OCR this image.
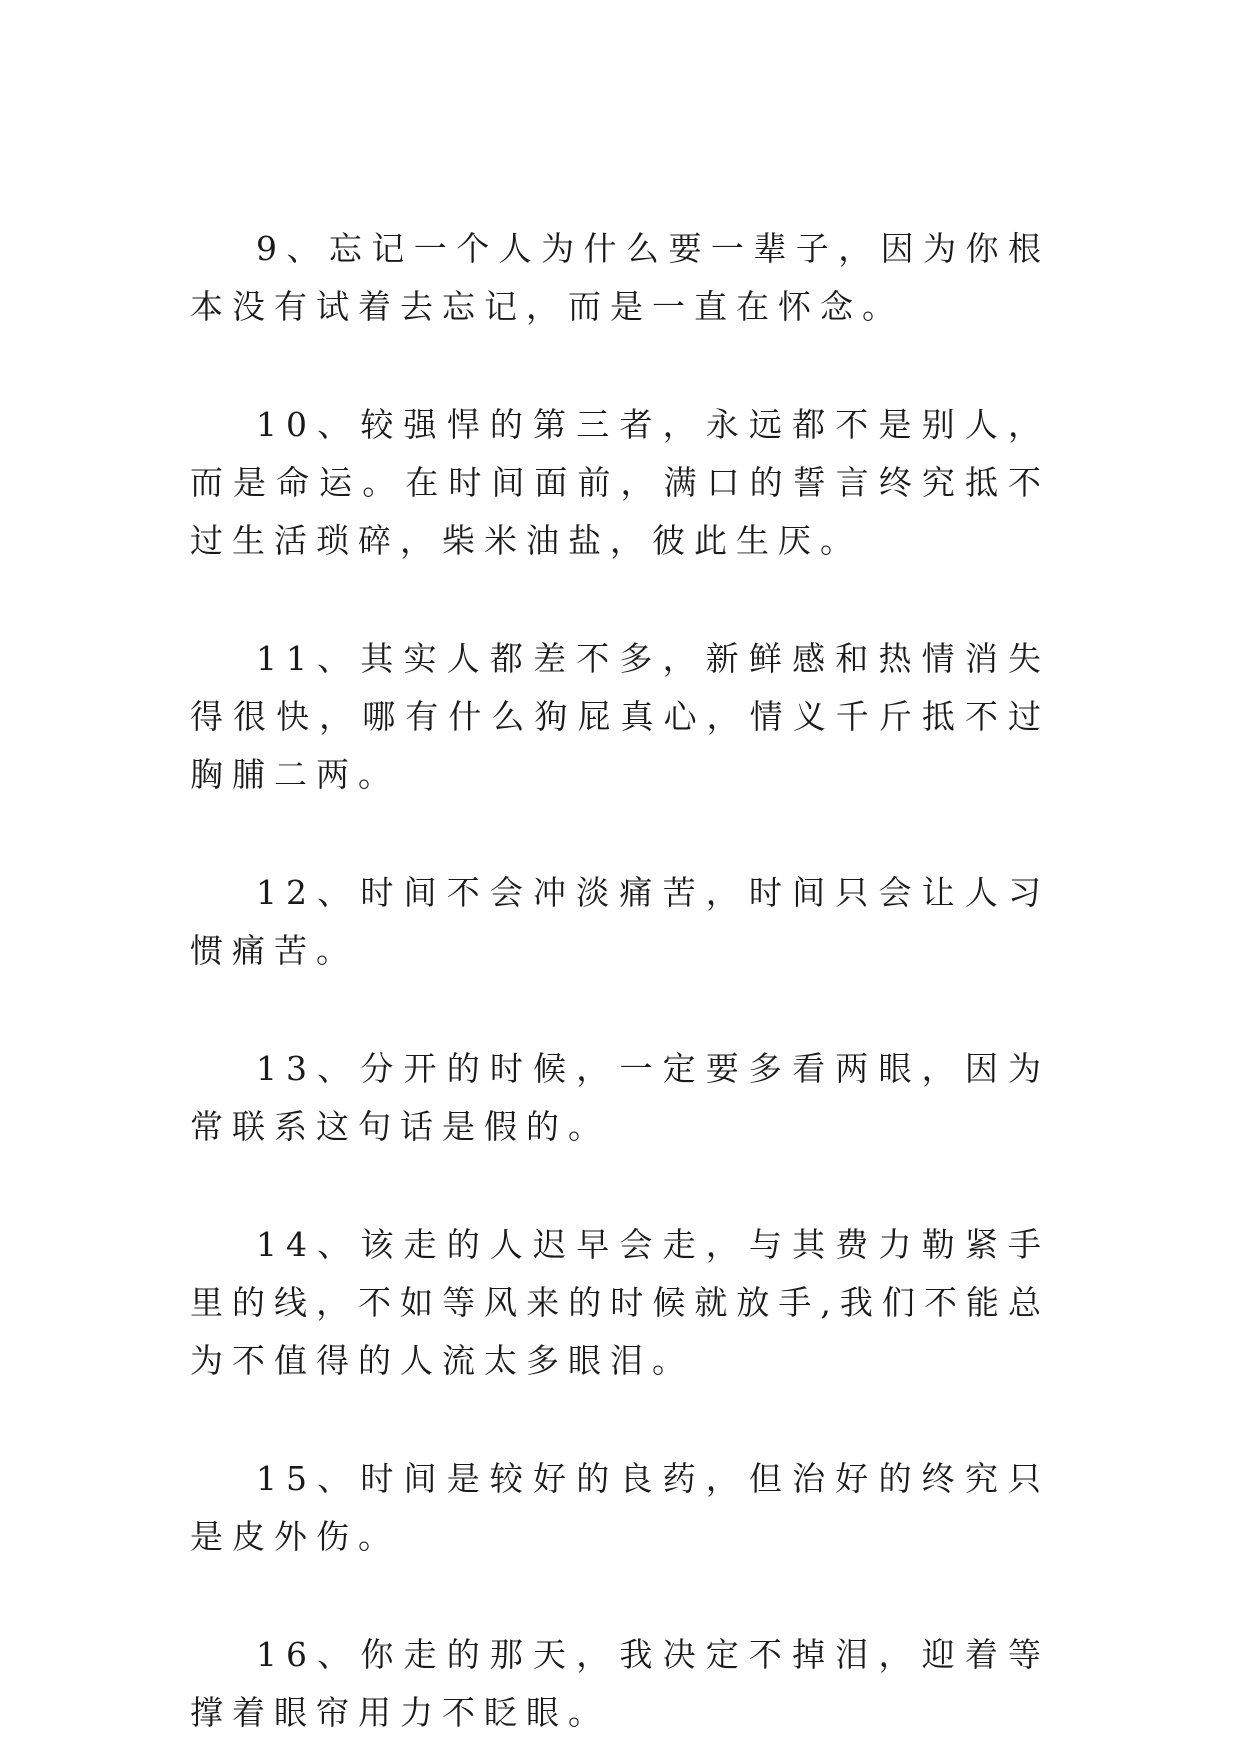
9、忘记一个人为什么要一辈子，因为你根本没有试着去忘记，而是一直在怀念。

10、较强悍的第三者，永远都不是别人，而是命运。在时间面前，满口的誓言终究抵不过生活琐碎，柴米油盐，彼此生厌。

11、其实人都差不多，新鲜感和热情消失得很快，哪有什么狗屁真心，情义千斤抵不过胸脯二两。

12、时间不会冲淡痛苦，时间只会让人习惯痛苦。

13、分开的时候，一定要多看两眼，因为常联系这句话是假的。

14、该走的人迟早会走，与其费力勒紧手里的线，不如等风来的时候就放手,我们不能总为不值得的人流太多眼泪。

15、时间是较好的良药，但治好的终究只是皮外伤。

16、你走的那天，我决定不掉泪，迎着等撑着眼帘用力不眨眼。
